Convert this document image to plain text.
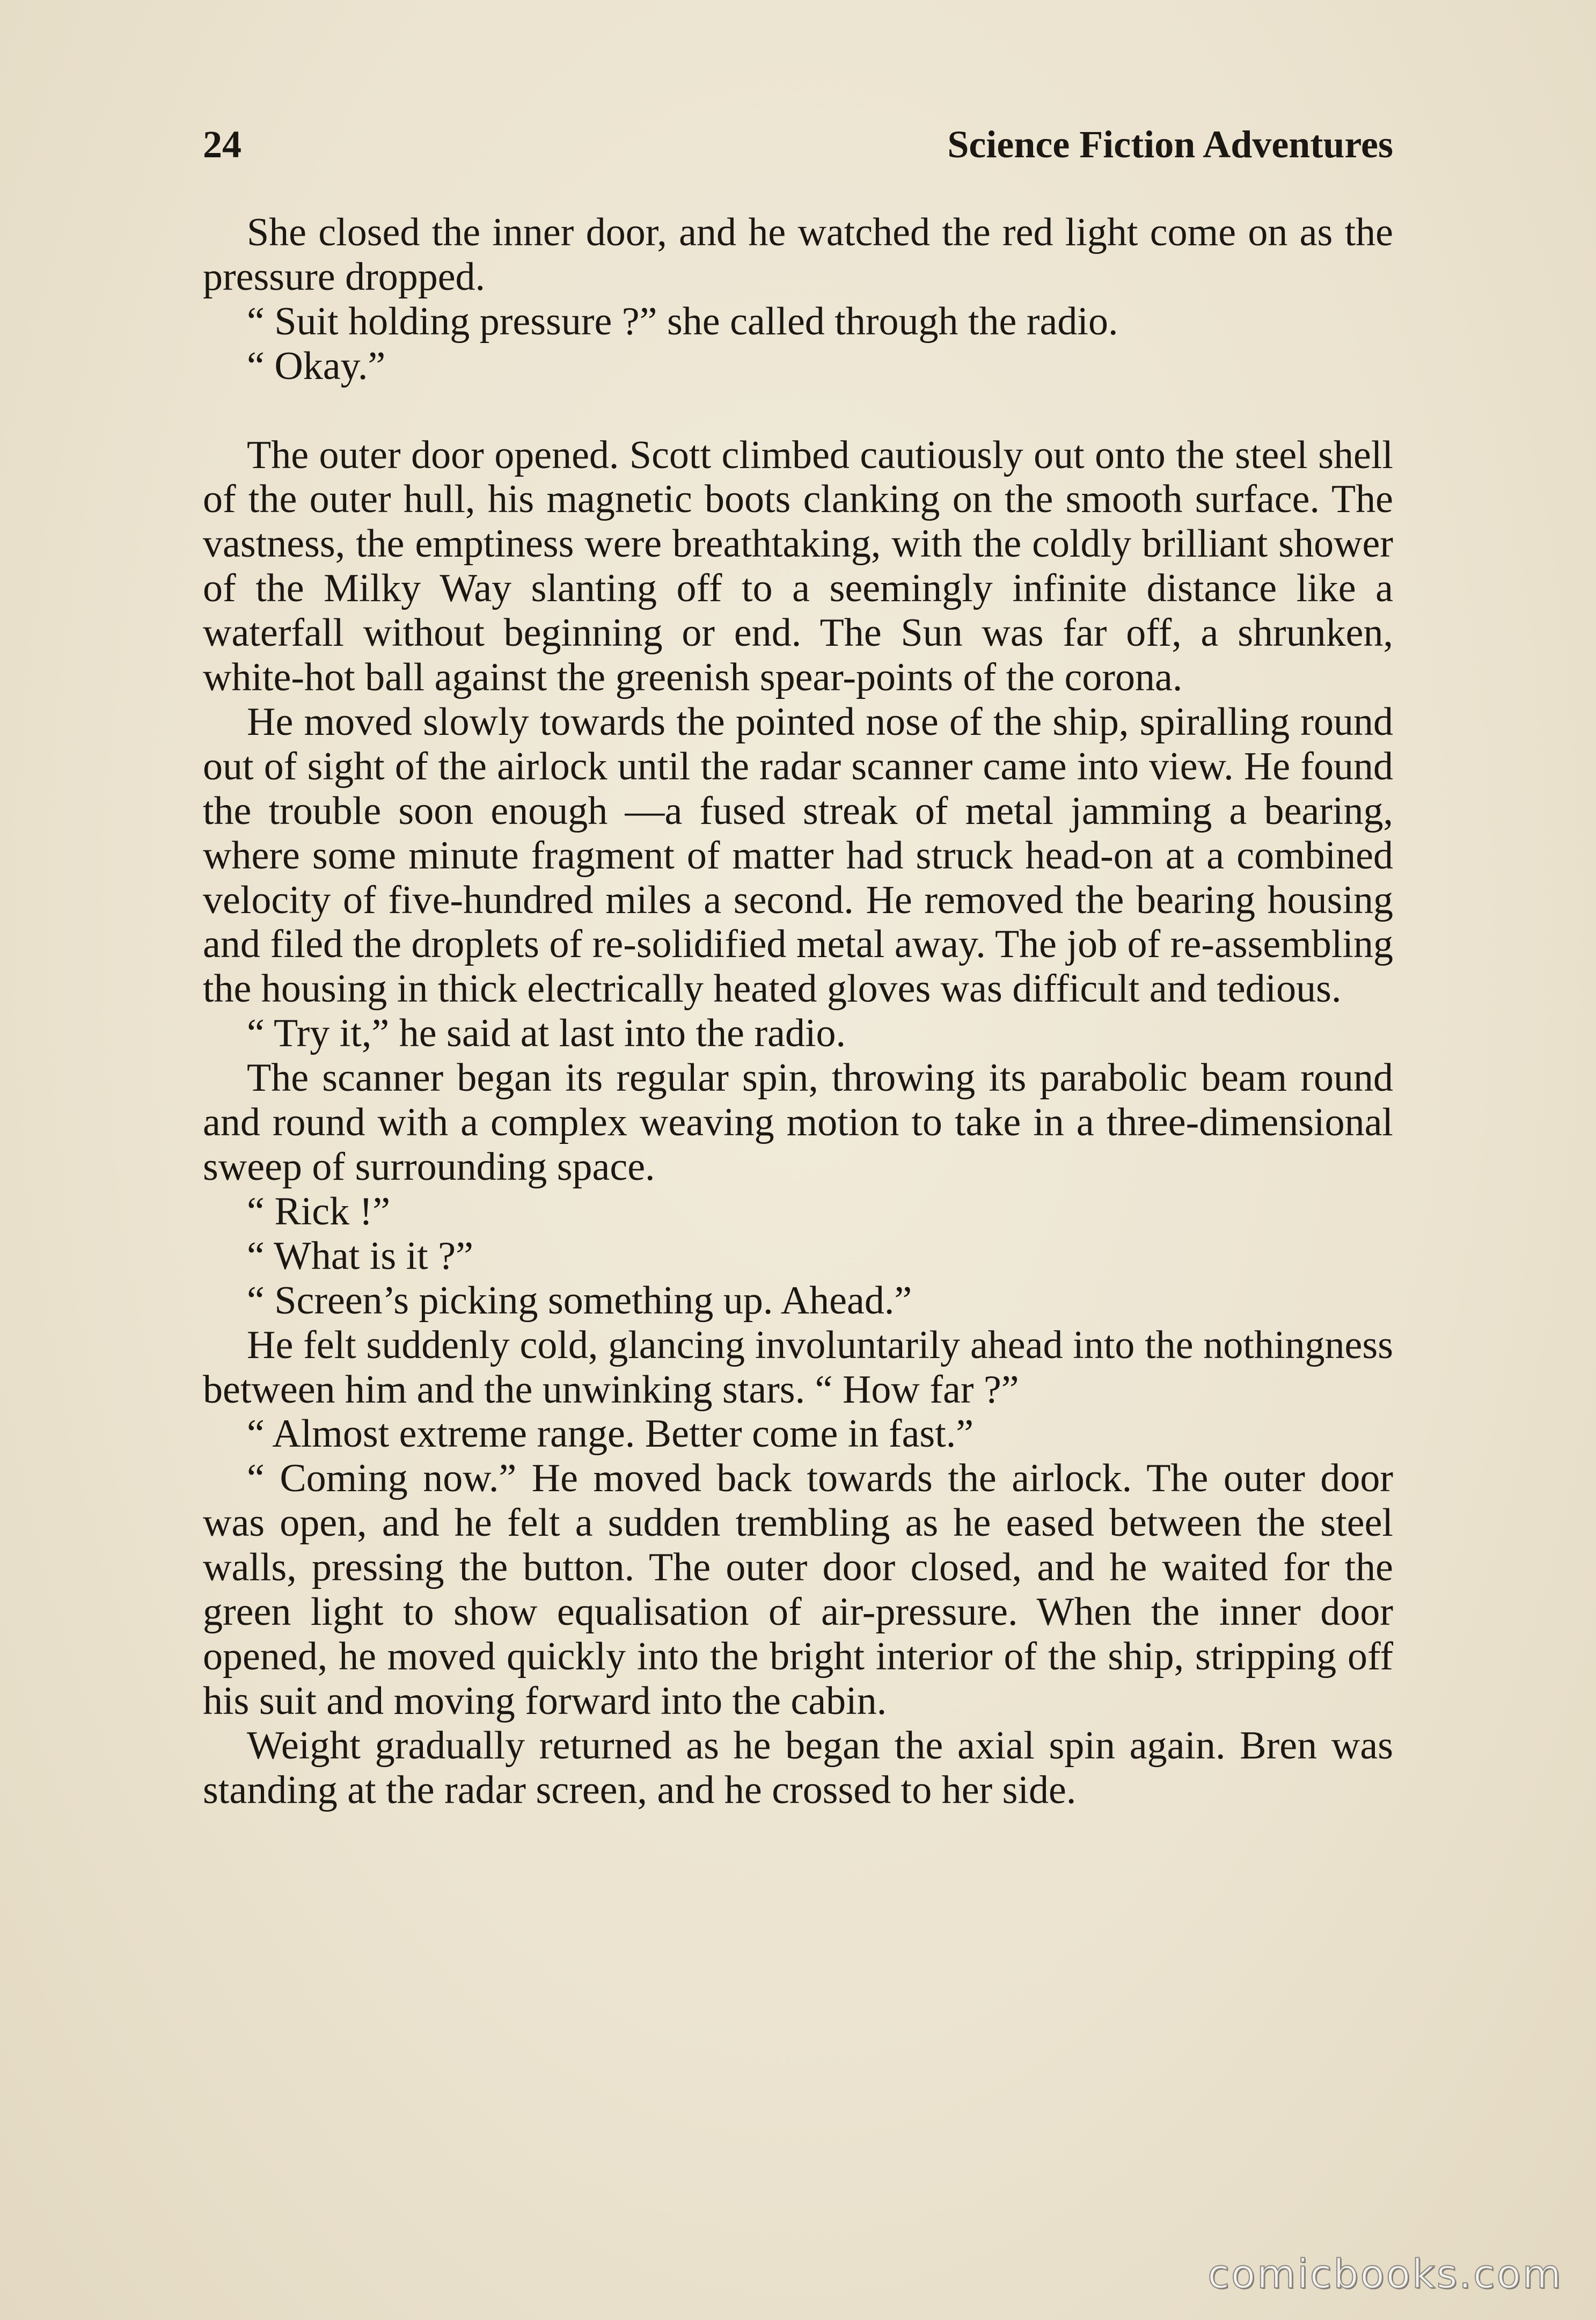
24	Science Fiction Adventures

She closed the inner door, and he watched the red light come on as the pressure dropped.

“ Suit holding pressure ?” she called through the radio.

“ Okay.”

The outer door opened. Scott climbed cautiously out onto the steel shell of the outer hull, his magnetic boots clanking on the smooth surface. The vastness, the emptiness were breathtaking, with the coldly brilliant shower of the Milky Way slanting off to a seemingly infinite distance like a waterfall without beginning or end. The Sun was far off, a shrunken, white-hot ball against the greenish spear-points of the corona.

He moved slowly towards the pointed nose of the ship, spiralling round out of sight of the airlock until the radar scanner came into view. He found the trouble soon enough —a fused streak of metal jamming a bearing, where some minute fragment of matter had struck head-on at a combined velocity of five-hundred miles a second. He removed the bearing housing and filed the droplets of re-solidified metal away. The job of re-assembling the housing in thick electrically heated gloves was difficult and tedious.

“ Try it,” he said at last into the radio.

The scanner began its regular spin, throwing its parabolic beam round and round with a complex weaving motion to take in a three-dimensional sweep of surrounding space.

“ Rick !”

“ What is it ?”

“ Screen’s picking something up. Ahead.”

He felt suddenly cold, glancing involuntarily ahead into the nothingness between him and the unwinking stars. “ How far ?”

“ Almost extreme range. Better come in fast.”

“ Coming now.” He moved back towards the airlock. The outer door was open, and he felt a sudden trembling as he eased between the steel walls, pressing the button. The outer door closed, and he waited for the green light to show equalisation of air-pressure. When the inner door opened, he moved quickly into the bright interior of the ship, stripping off his suit and moving forward into the cabin.

Weight gradually returned as he began the axial spin again. Bren was standing at the radar screen, and he crossed to her side.

comicbooks.com
